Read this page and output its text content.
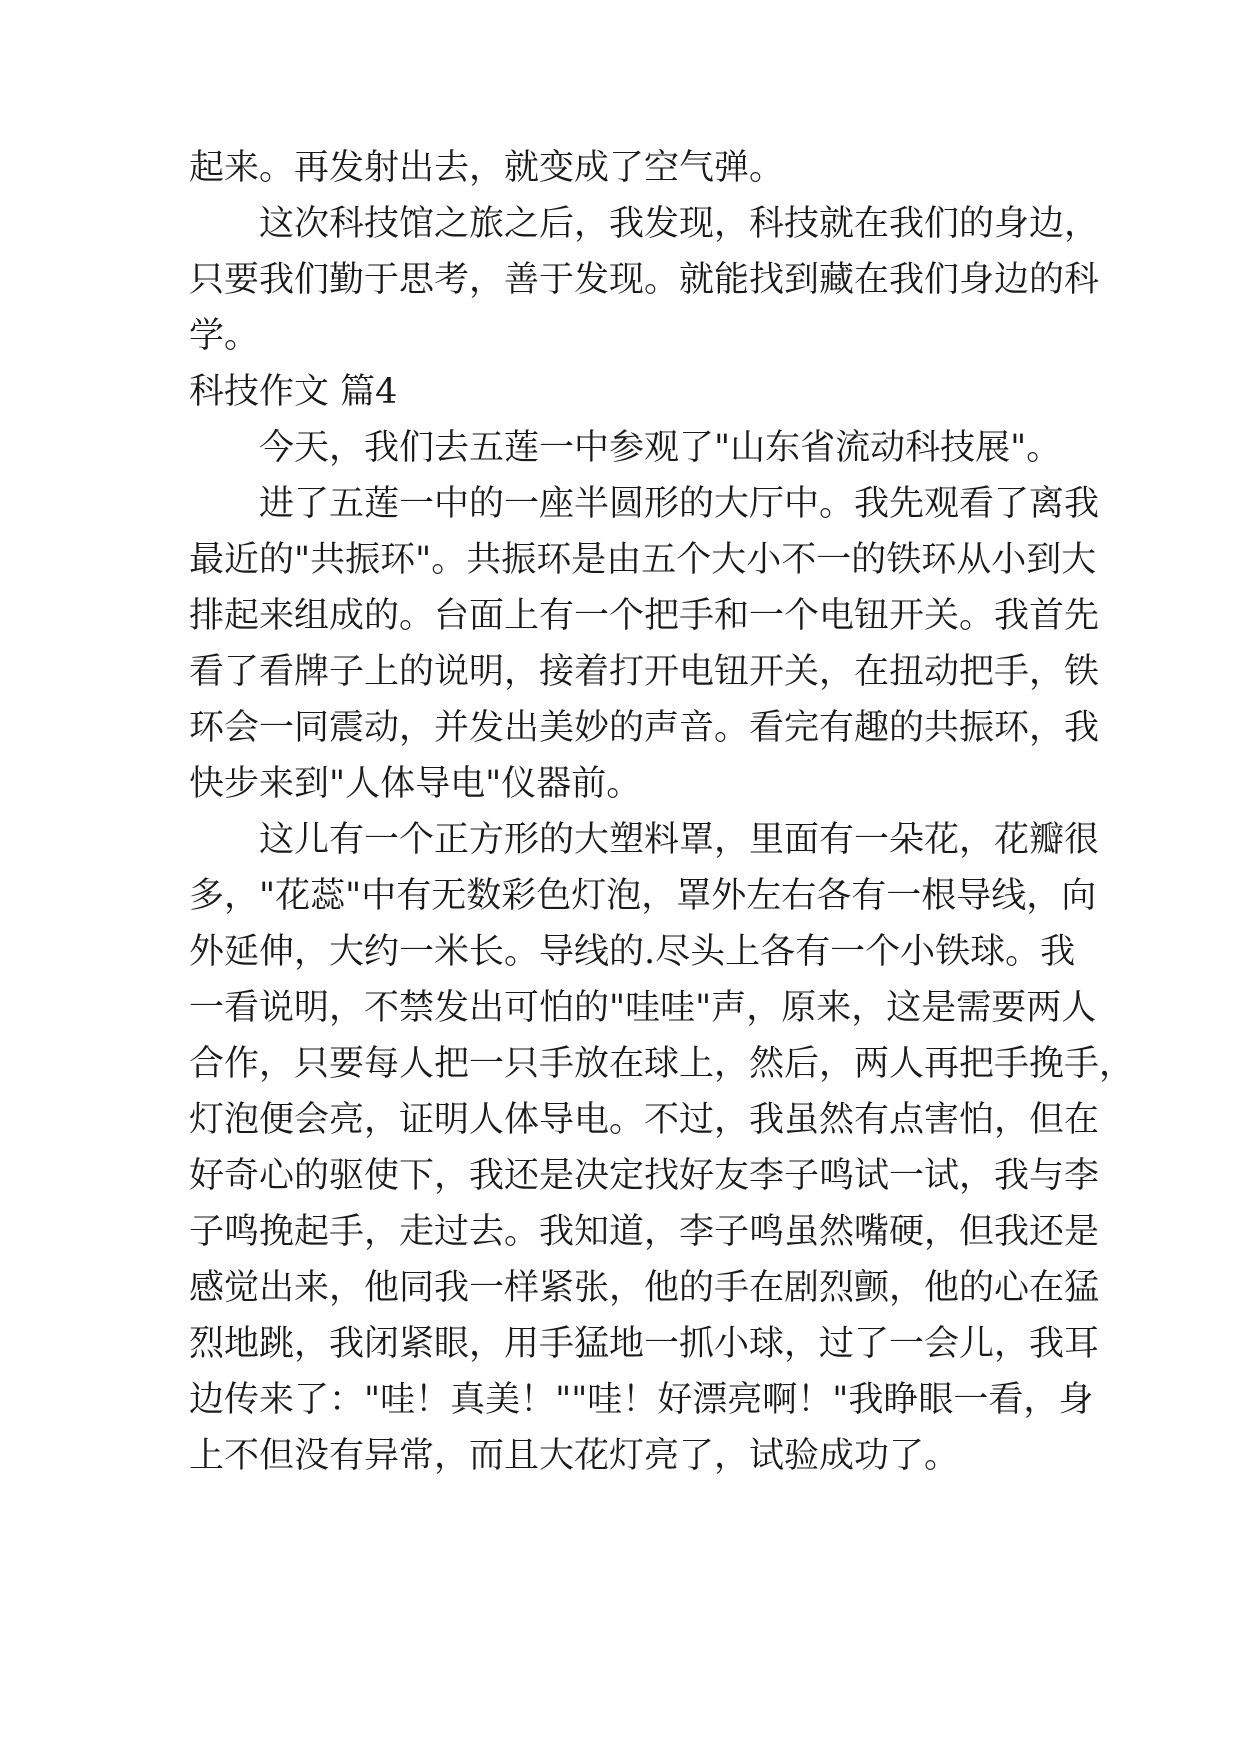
起来。再发射出去，就变成了空气弹。
　　这次科技馆之旅之后，我发现，科技就在我们的身边，
只要我们勤于思考，善于发现。就能找到藏在我们身边的科
学。
科技作文 篇4
　　今天，我们去五莲一中参观了"山东省流动科技展"。
　　进了五莲一中的一座半圆形的大厅中。我先观看了离我
最近的"共振环"。共振环是由五个大小不一的铁环从小到大
排起来组成的。台面上有一个把手和一个电钮开关。我首先
看了看牌子上的说明，接着打开电钮开关，在扭动把手，铁
环会一同震动，并发出美妙的声音。看完有趣的共振环，我
快步来到"人体导电"仪器前。
　　这儿有一个正方形的大塑料罩，里面有一朵花，花瓣很
多，"花蕊"中有无数彩色灯泡，罩外左右各有一根导线，向
外延伸，大约一米长。导线的.尽头上各有一个小铁球。我
一看说明，不禁发出可怕的"哇哇"声，原来，这是需要两人
合作，只要每人把一只手放在球上，然后，两人再把手挽手，
灯泡便会亮，证明人体导电。不过，我虽然有点害怕，但在
好奇心的驱使下，我还是决定找好友李子鸣试一试，我与李
子鸣挽起手，走过去。我知道，李子鸣虽然嘴硬，但我还是
感觉出来，他同我一样紧张，他的手在剧烈颤，他的心在猛
烈地跳，我闭紧眼，用手猛地一抓小球，过了一会儿，我耳
边传来了："哇！真美！""哇！好漂亮啊！"我睁眼一看，身
上不但没有异常，而且大花灯亮了，试验成功了。
